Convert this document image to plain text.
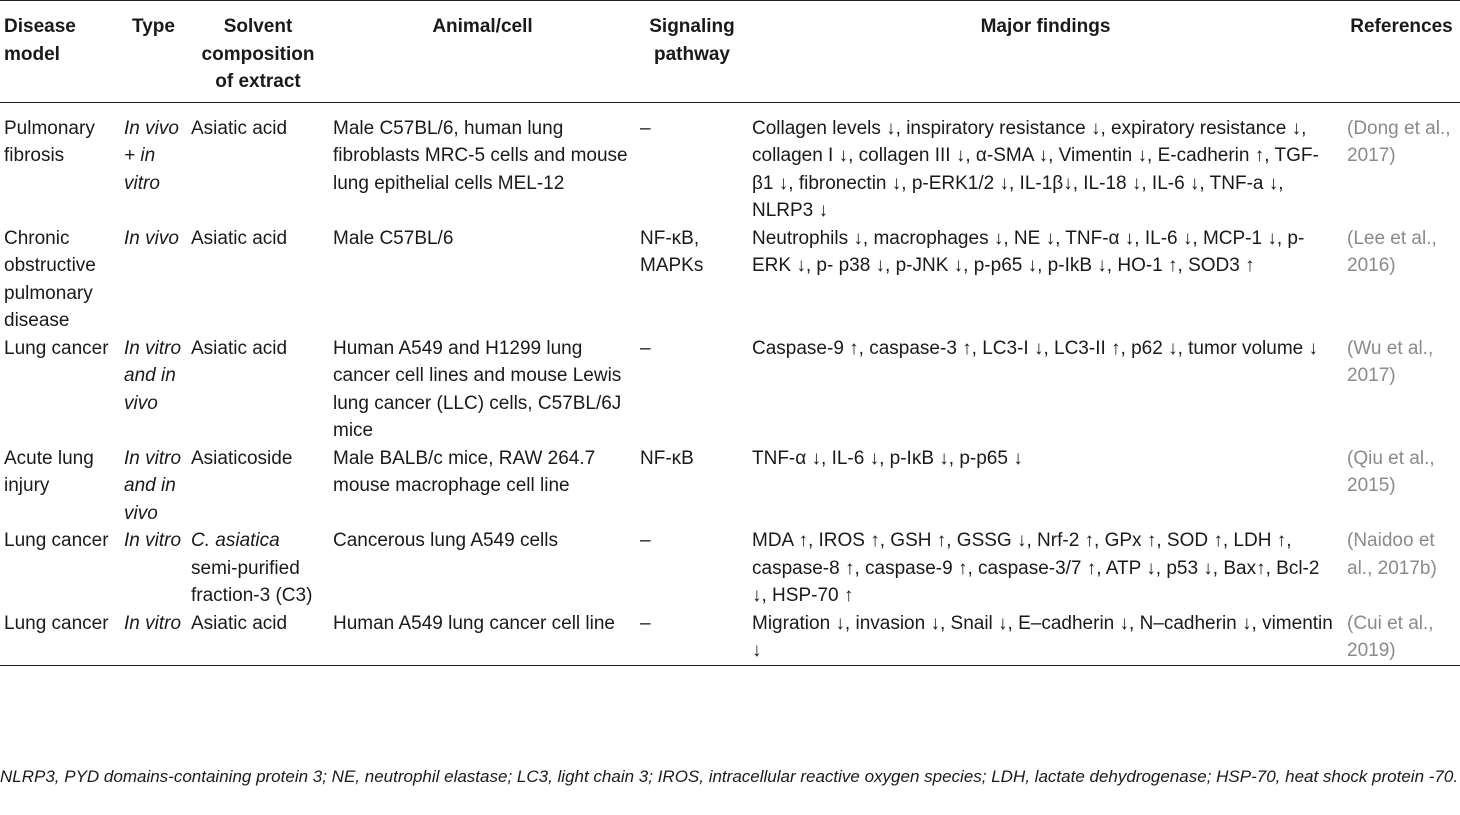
Disease model	Type	Solvent composition of extract	Animal/cell	Signaling pathway	Major findings	References
Pulmonary fibrosis	In vivo + in vitro	Asiatic acid	Male C57BL/6, human lung fibroblasts MRC-5 cells and mouse lung epithelial cells MEL-12	–	Collagen levels ↓, inspiratory resistance ↓, expiratory resistance ↓, collagen I ↓, collagen III ↓, α-SMA ↓, Vimentin ↓, E-cadherin ↑, TGF-β1 ↓, fibronectin ↓, p-ERK1/2 ↓, IL-1β↓, IL-18 ↓, IL-6 ↓, TNF-a ↓, NLRP3 ↓	(Dong et al., 2017)
Chronic obstructive pulmonary disease	In vivo	Asiatic acid	Male C57BL/6	NF-κB, MAPKs	Neutrophils ↓, macrophages ↓, NE ↓, TNF-α ↓, IL-6 ↓, MCP-1 ↓, p-ERK ↓, p- p38 ↓, p-JNK ↓, p-p65 ↓, p-IkB ↓, HO-1 ↑, SOD3 ↑	(Lee et al., 2016)
Lung cancer	In vitro and in vivo	Asiatic acid	Human A549 and H1299 lung cancer cell lines and mouse Lewis lung cancer (LLC) cells, C57BL/6J mice	–	Caspase-9 ↑, caspase-3 ↑, LC3-I ↓, LC3-II ↑, p62 ↓, tumor volume ↓	(Wu et al., 2017)
Acute lung injury	In vitro and in vivo	Asiaticoside	Male BALB/c mice, RAW 264.7 mouse macrophage cell line	NF-κB	TNF-α ↓, IL-6 ↓, p-IκB ↓, p-p65 ↓	(Qiu et al., 2015)
Lung cancer	In vitro	C. asiatica semi-purified fraction-3 (C3)	Cancerous lung A549 cells	–	MDA ↑, IROS ↑, GSH ↑, GSSG ↓, Nrf-2 ↑, GPx ↑, SOD ↑, LDH ↑, caspase-8 ↑, caspase-9 ↑, caspase-3/7 ↑, ATP ↓, p53 ↓, Bax↑, Bcl-2 ↓, HSP-70 ↑	(Naidoo et al., 2017b)
Lung cancer	In vitro	Asiatic acid	Human A549 lung cancer cell line	–	Migration ↓, invasion ↓, Snail ↓, E–cadherin ↓, N–cadherin ↓, vimentin ↓	(Cui et al., 2019)
NLRP3, PYD domains-containing protein 3; NE, neutrophil elastase; LC3, light chain 3; IROS, intracellular reactive oxygen species; LDH, lactate dehydrogenase; HSP-70, heat shock protein -70.
